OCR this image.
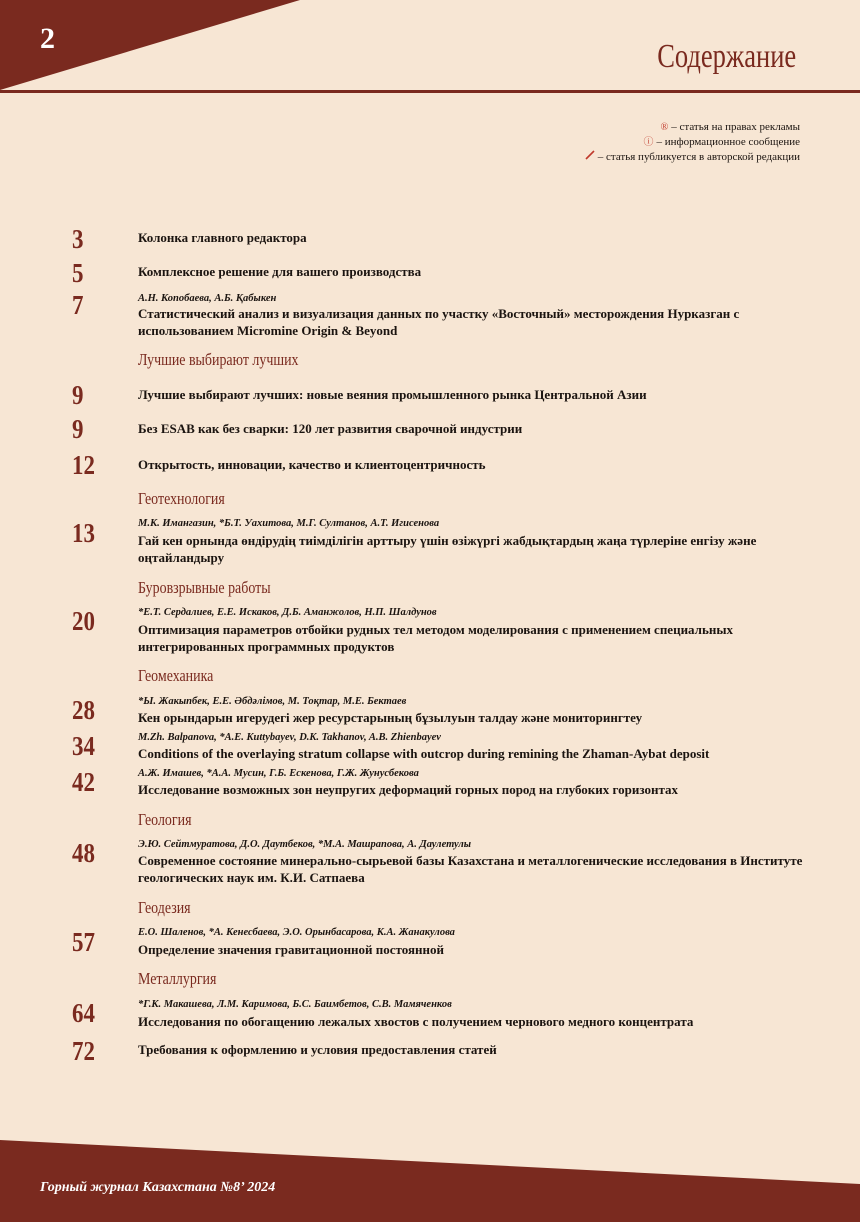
2	Содержание
® – статья на правах рекламы
ⓘ – информационное сообщение
– статья публикуется в авторской редакции
3	Колонка главного редактора
5	Комплексное решение для вашего производства
7	А.Н. Копобаева, А.Б. Қабыкен
Статистический анализ и визуализация данных по участку «Восточный» месторождения Нурказган с использованием Micromine Origin & Beyond
Лучшие выбирают лучших
9	Лучшие выбирают лучших: новые веяния промышленного рынка Центральной Азии
9	Без ESAB как без сварки: 120 лет развития сварочной индустрии
12	Открытость, инновации, качество и клиентоцентричность
Геотехнология
13	М.К. Имангазин, *Б.Т. Уахитова, М.Г. Султанов, А.Т. Игисенова
Гай кен орнында өндірудің тиімділігін арттыру үшін өзіжүргі жабдықтардың жаңа түрлеріне енгізу және оңтайландыру
Буровзрывные работы
20	*Е.Т. Сердалиев, Е.Е. Искаков, Д.Б. Аманжолов, Н.П. Шалдунов
Оптимизация параметров отбойки рудных тел методом моделирования с применением специальных интегрированных программных продуктов
Геомеханика
28	*Ы. Жакыпбек, Е.Е. Әбдәлімов, М. Тоқтар, М.Е. Бектаев
Кен орындарын игерудегі жер ресурстарының бұзылуын талдау және мониторингтеу
34	M.Zh. Balpanova, *A.E. Kuttybayev, D.K. Takhanov, A.B. Zhienbayev
Conditions of the overlaying stratum collapse with outcrop during remining the Zhaman-Aybat deposit
42	А.Ж. Имашев, *А.А. Мусин, Г.Б. Ескенова, Г.Ж. Жунусбекова
Исследование возможных зон неупругих деформаций горных пород на глубоких горизонтах
Геология
48	Э.Ю. Сейтмуратова, Д.О. Даутбеков, *М.А. Машрапова, А. Даулетулы
Современное состояние минерально-сырьевой базы Казахстана и металлогенические исследования в Институте геологических наук им. К.И. Сатпаева
Геодезия
57	Е.О. Шаленов, *А. Кенесбаева, Э.О. Орынбасарова, К.А. Жанакулова
Определение значения гравитационной постоянной
Металлургия
64	*Г.К. Макашева, Л.М. Каримова, Б.С. Баимбетов, С.В. Мамяченков
Исследования по обогащению лежалых хвостов с получением чернового медного концентрата
72	Требования к оформлению и условия предоставления статей
Горный журнал Казахстана №8’ 2024
